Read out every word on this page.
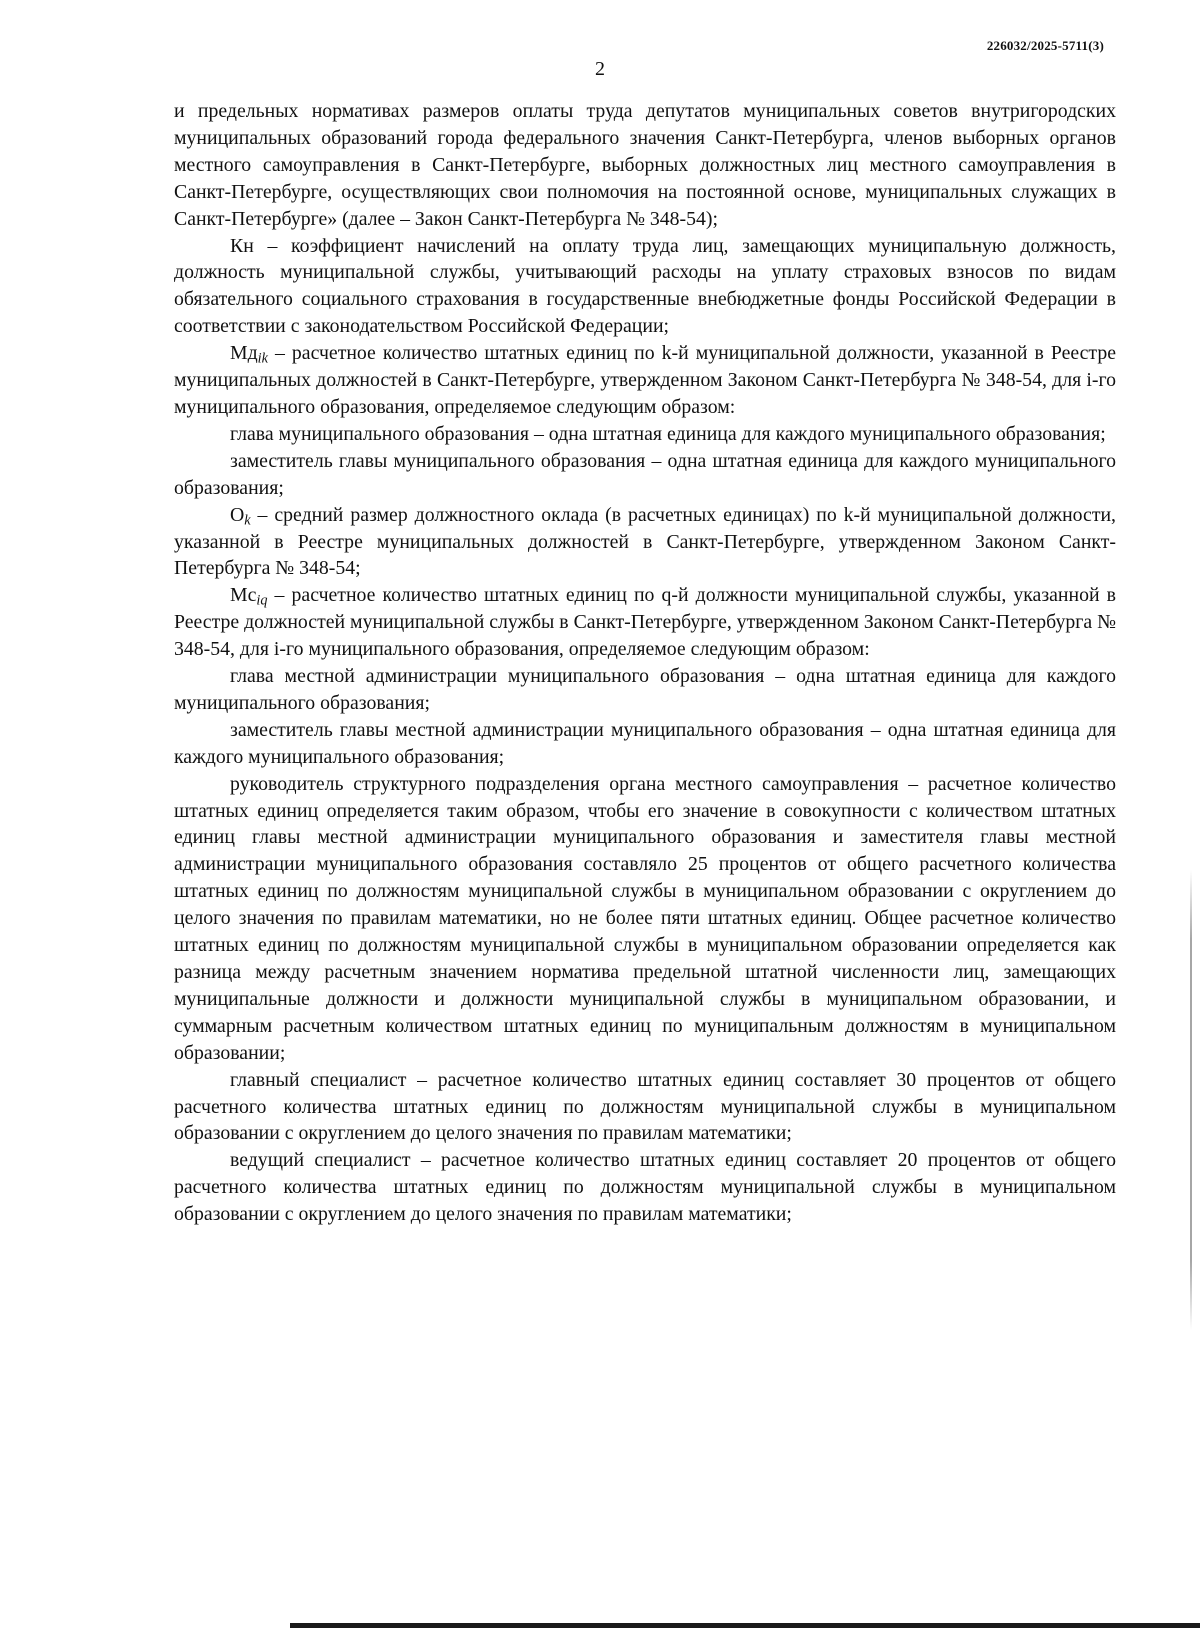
226032/2025-5711(3)
2

и предельных нормативах размеров оплаты труда депутатов муниципальных советов внутригородских муниципальных образований города федерального значения Санкт-Петербурга, членов выборных органов местного самоуправления в Санкт-Петербурге, выборных должностных лиц местного самоуправления в Санкт-Петербурге, осуществляющих свои полномочия на постоянной основе, муниципальных служащих в Санкт-Петербурге» (далее – Закон Санкт-Петербурга № 348-54);

Кн – коэффициент начислений на оплату труда лиц, замещающих муниципальную должность, должность муниципальной службы, учитывающий расходы на уплату страховых взносов по видам обязательного социального страхования в государственные внебюджетные фонды Российской Федерации в соответствии с законодательством Российской Федерации;

$Мд_{ik}$ – расчетное количество штатных единиц по k-й муниципальной должности, указанной в Реестре муниципальных должностей в Санкт-Петербурге, утвержденном Законом Санкт-Петербурга № 348-54, для i-го муниципального образования, определяемое следующим образом:

глава муниципального образования – одна штатная единица для каждого муниципального образования;

заместитель главы муниципального образования – одна штатная единица для каждого муниципального образования;

$О_k$ – средний размер должностного оклада (в расчетных единицах) по k-й муниципальной должности, указанной в Реестре муниципальных должностей в Санкт-Петербурге, утвержденном Законом Санкт-Петербурга № 348-54;

$Мс_{iq}$ – расчетное количество штатных единиц по q-й должности муниципальной службы, указанной в Реестре должностей муниципальной службы в Санкт-Петербурге, утвержденном Законом Санкт-Петербурга № 348-54, для i-го муниципального образования, определяемое следующим образом:

глава местной администрации муниципального образования – одна штатная единица для каждого муниципального образования;

заместитель главы местной администрации муниципального образования – одна штатная единица для каждого муниципального образования;

руководитель структурного подразделения органа местного самоуправления – расчетное количество штатных единиц определяется таким образом, чтобы его значение в совокупности с количеством штатных единиц главы местной администрации муниципального образования и заместителя главы местной администрации муниципального образования составляло 25 процентов от общего расчетного количества штатных единиц по должностям муниципальной службы в муниципальном образовании с округлением до целого значения по правилам математики, но не более пяти штатных единиц. Общее расчетное количество штатных единиц по должностям муниципальной службы в муниципальном образовании определяется как разница между расчетным значением норматива предельной штатной численности лиц, замещающих муниципальные должности и должности муниципальной службы в муниципальном образовании, и суммарным расчетным количеством штатных единиц по муниципальным должностям в муниципальном образовании;

главный специалист – расчетное количество штатных единиц составляет 30 процентов от общего расчетного количества штатных единиц по должностям муниципальной службы в муниципальном образовании с округлением до целого значения по правилам математики;

ведущий специалист – расчетное количество штатных единиц составляет 20 процентов от общего расчетного количества штатных единиц по должностям муниципальной службы в муниципальном образовании с округлением до целого значения по правилам математики;
